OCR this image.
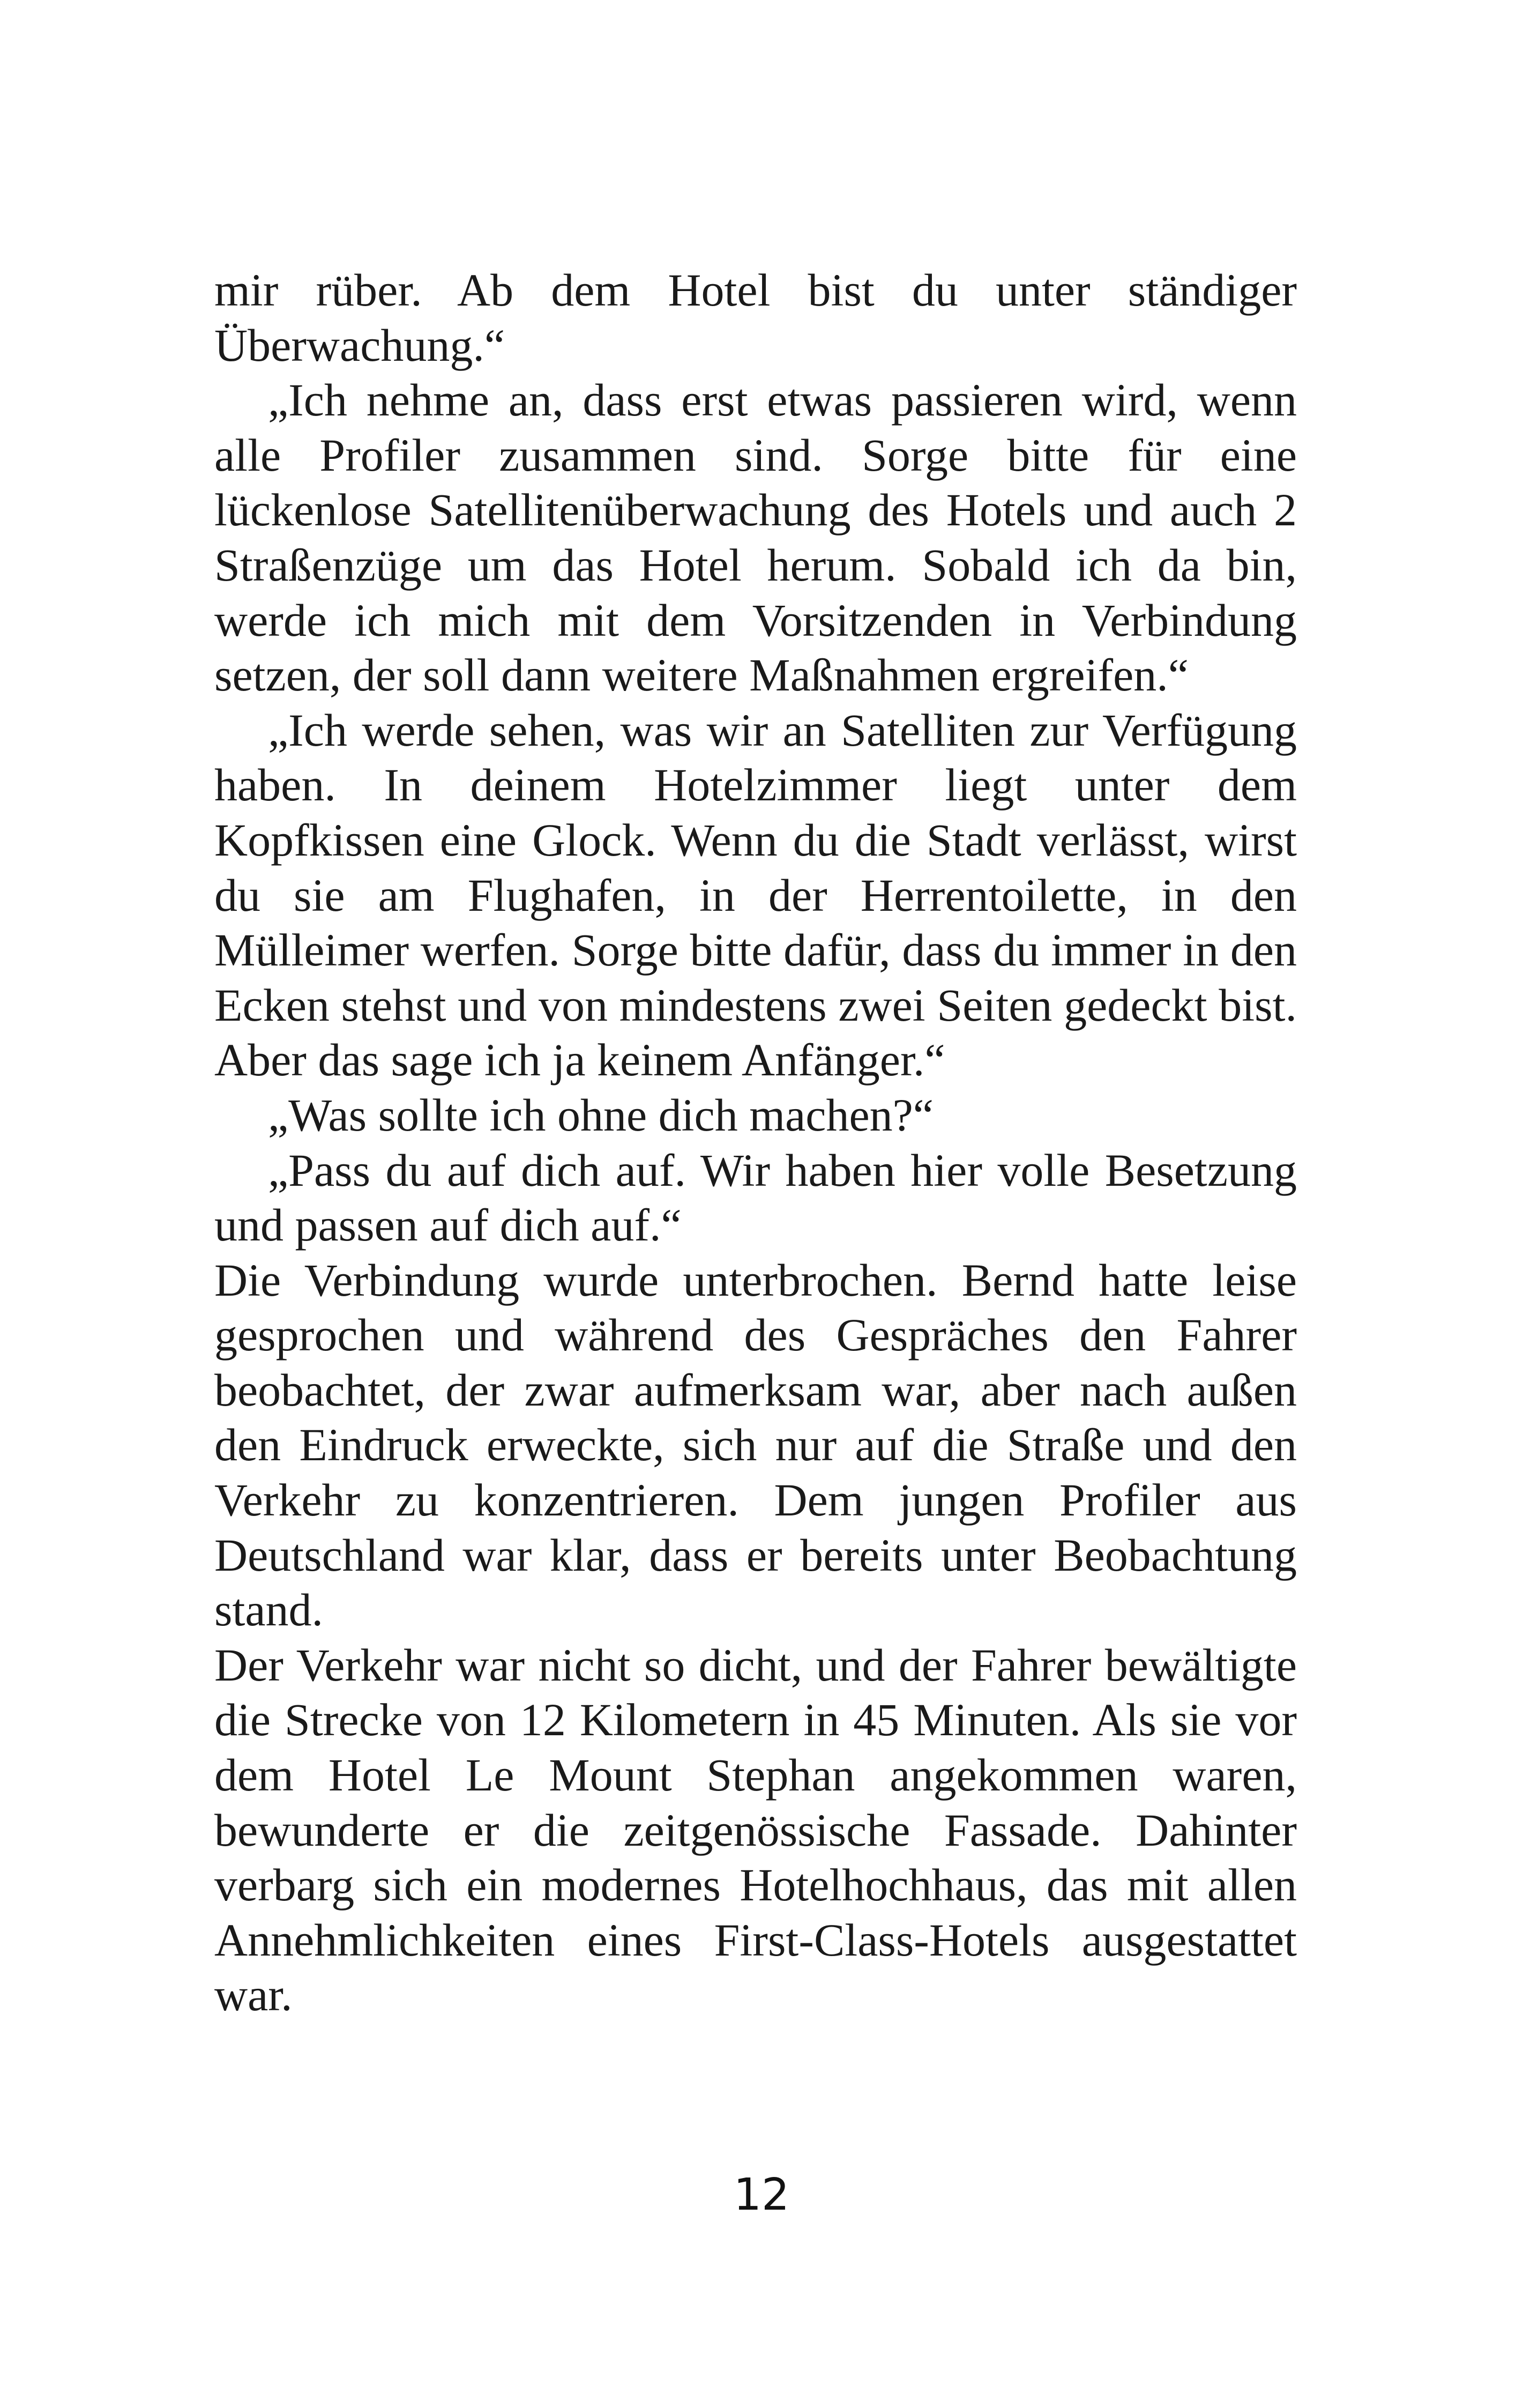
mir rüber. Ab dem Hotel bist du unter ständiger Überwachung.“

„Ich nehme an, dass erst etwas passieren wird, wenn alle Profiler zusammen sind. Sorge bitte für eine lückenlose Satellitenüberwachung des Hotels und auch 2 Straßenzüge um das Hotel herum. Sobald ich da bin, werde ich mich mit dem Vorsitzenden in Verbindung setzen, der soll dann weitere Maßnahmen ergreifen.“

„Ich werde sehen, was wir an Satelliten zur Verfügung haben. In deinem Hotelzimmer liegt unter dem Kopfkissen eine Glock. Wenn du die Stadt verlässt, wirst du sie am Flughafen, in der Herrentoilette, in den Mülleimer werfen. Sorge bitte dafür, dass du immer in den Ecken stehst und von mindestens zwei Seiten gedeckt bist. Aber das sage ich ja keinem Anfänger.“

„Was sollte ich ohne dich machen?“

„Pass du auf dich auf. Wir haben hier volle Besetzung und passen auf dich auf.“

Die Verbindung wurde unterbrochen. Bernd hatte leise gesprochen und während des Gespräches den Fahrer beobachtet, der zwar aufmerksam war, aber nach außen den Eindruck erweckte, sich nur auf die Straße und den Verkehr zu konzentrieren. Dem jungen Profiler aus Deutschland war klar, dass er bereits unter Beobachtung stand.

Der Verkehr war nicht so dicht, und der Fahrer bewältigte die Strecke von 12 Kilometern in 45 Minuten. Als sie vor dem Hotel Le Mount Stephan angekommen waren, bewunderte er die zeitgenössische Fassade. Dahinter verbarg sich ein modernes Hotelhochhaus, das mit allen Annehmlichkeiten eines First-Class-Hotels ausgestattet war.

12
